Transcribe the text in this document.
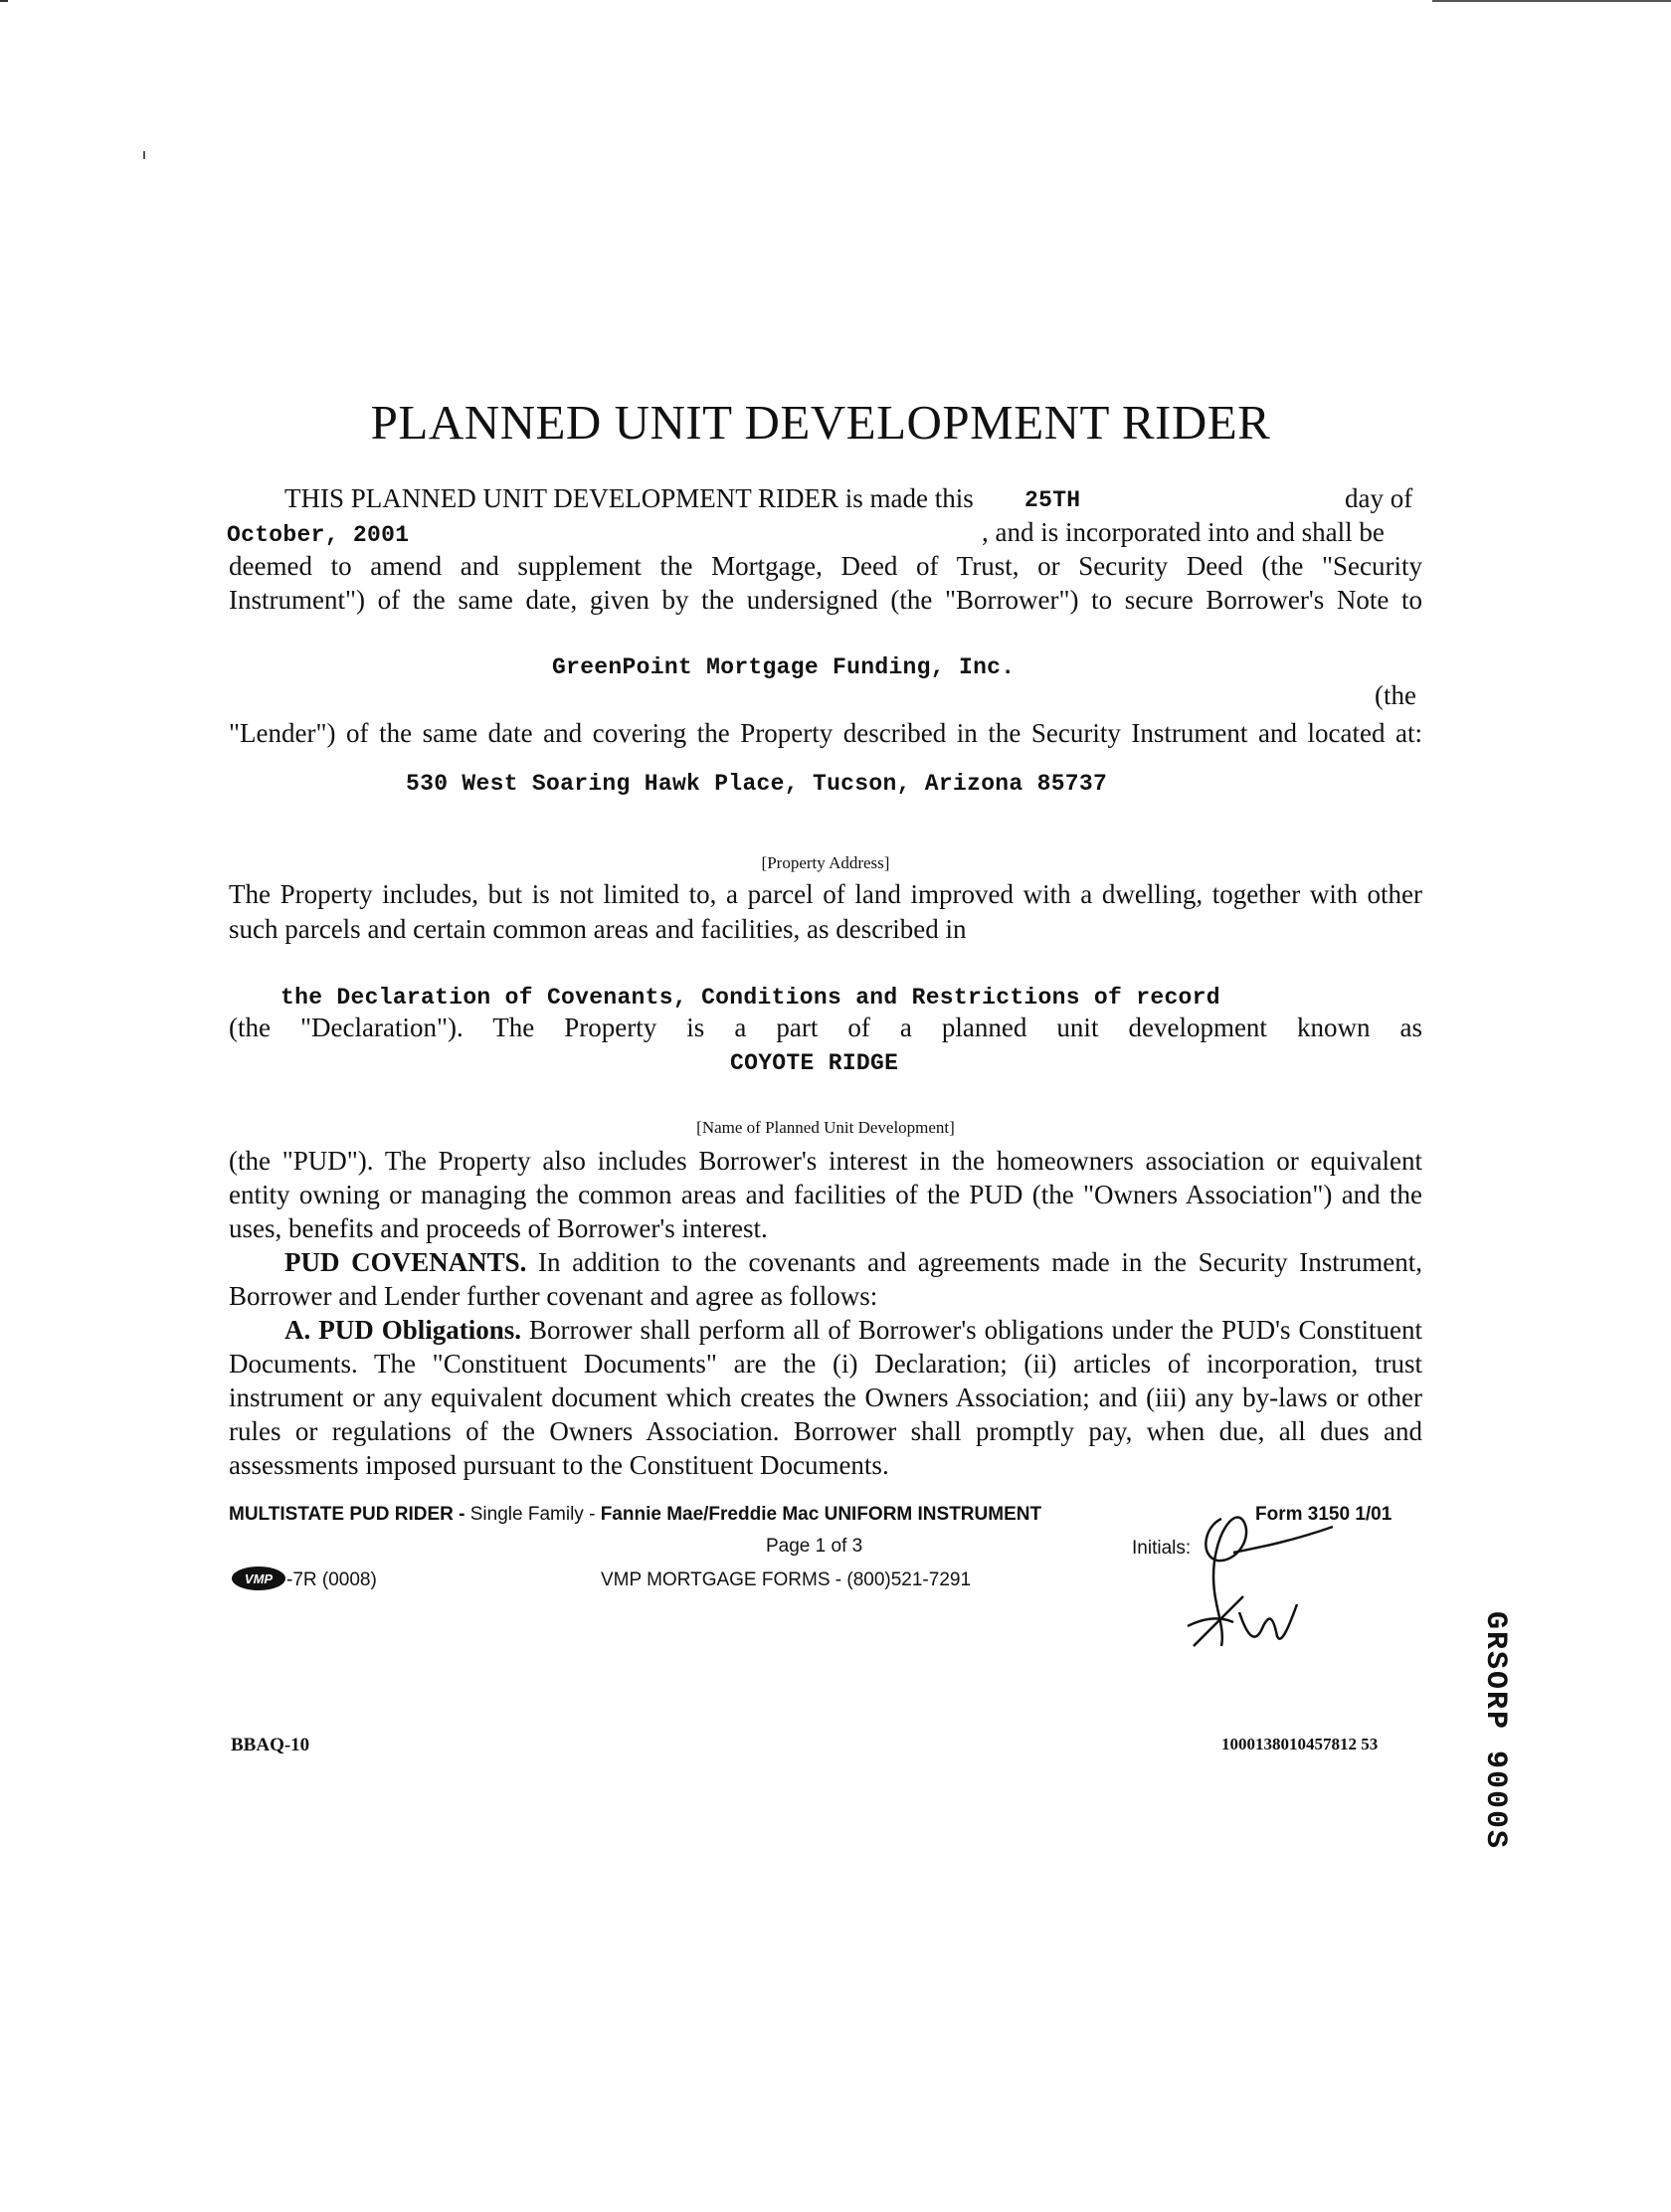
PLANNED UNIT DEVELOPMENT RIDER
THIS PLANNED UNIT DEVELOPMENT RIDER is made this 25TH	day of
October, 2001	, and is incorporated into and shall be
deemed to amend and supplement the Mortgage, Deed of Trust, or Security Deed (the "Security
Instrument") of the same date, given by the undersigned (the "Borrower") to secure Borrower's Note to
GreenPoint Mortgage Funding, Inc.
(the
"Lender") of the same date and covering the Property described in the Security Instrument and located at:
530 West Soaring Hawk Place, Tucson, Arizona 85737
[Property Address]
The Property includes, but is not limited to, a parcel of land improved with a dwelling, together with other
such parcels and certain common areas and facilities, as described in
the Declaration of Covenants, Conditions and Restrictions of record
(the "Declaration"). The Property is a part of a planned unit development known as
COYOTE RIDGE
[Name of Planned Unit Development]
(the "PUD"). The Property also includes Borrower's interest in the homeowners association or equivalent entity owning or managing the common areas and facilities of the PUD (the "Owners Association") and the uses, benefits and proceeds of Borrower's interest.
PUD COVENANTS. In addition to the covenants and agreements made in the Security Instrument, Borrower and Lender further covenant and agree as follows:
A. PUD Obligations. Borrower shall perform all of Borrower's obligations under the PUD's Constituent Documents. The "Constituent Documents" are the (i) Declaration; (ii) articles of incorporation, trust instrument or any equivalent document which creates the Owners Association; and (iii) any by-laws or other rules or regulations of the Owners Association. Borrower shall promptly pay, when due, all dues and assessments imposed pursuant to the Constituent Documents.
MULTISTATE PUD RIDER - Single Family - Fannie Mae/Freddie Mac UNIFORM INSTRUMENT	Form 3150 1/01
Page 1 of 3	Initials:
VMP -7R (0008)	VMP MORTGAGE FORMS - (800)521-7291
BBAQ-10	1000138010457812 53	GRSORP 9000S
